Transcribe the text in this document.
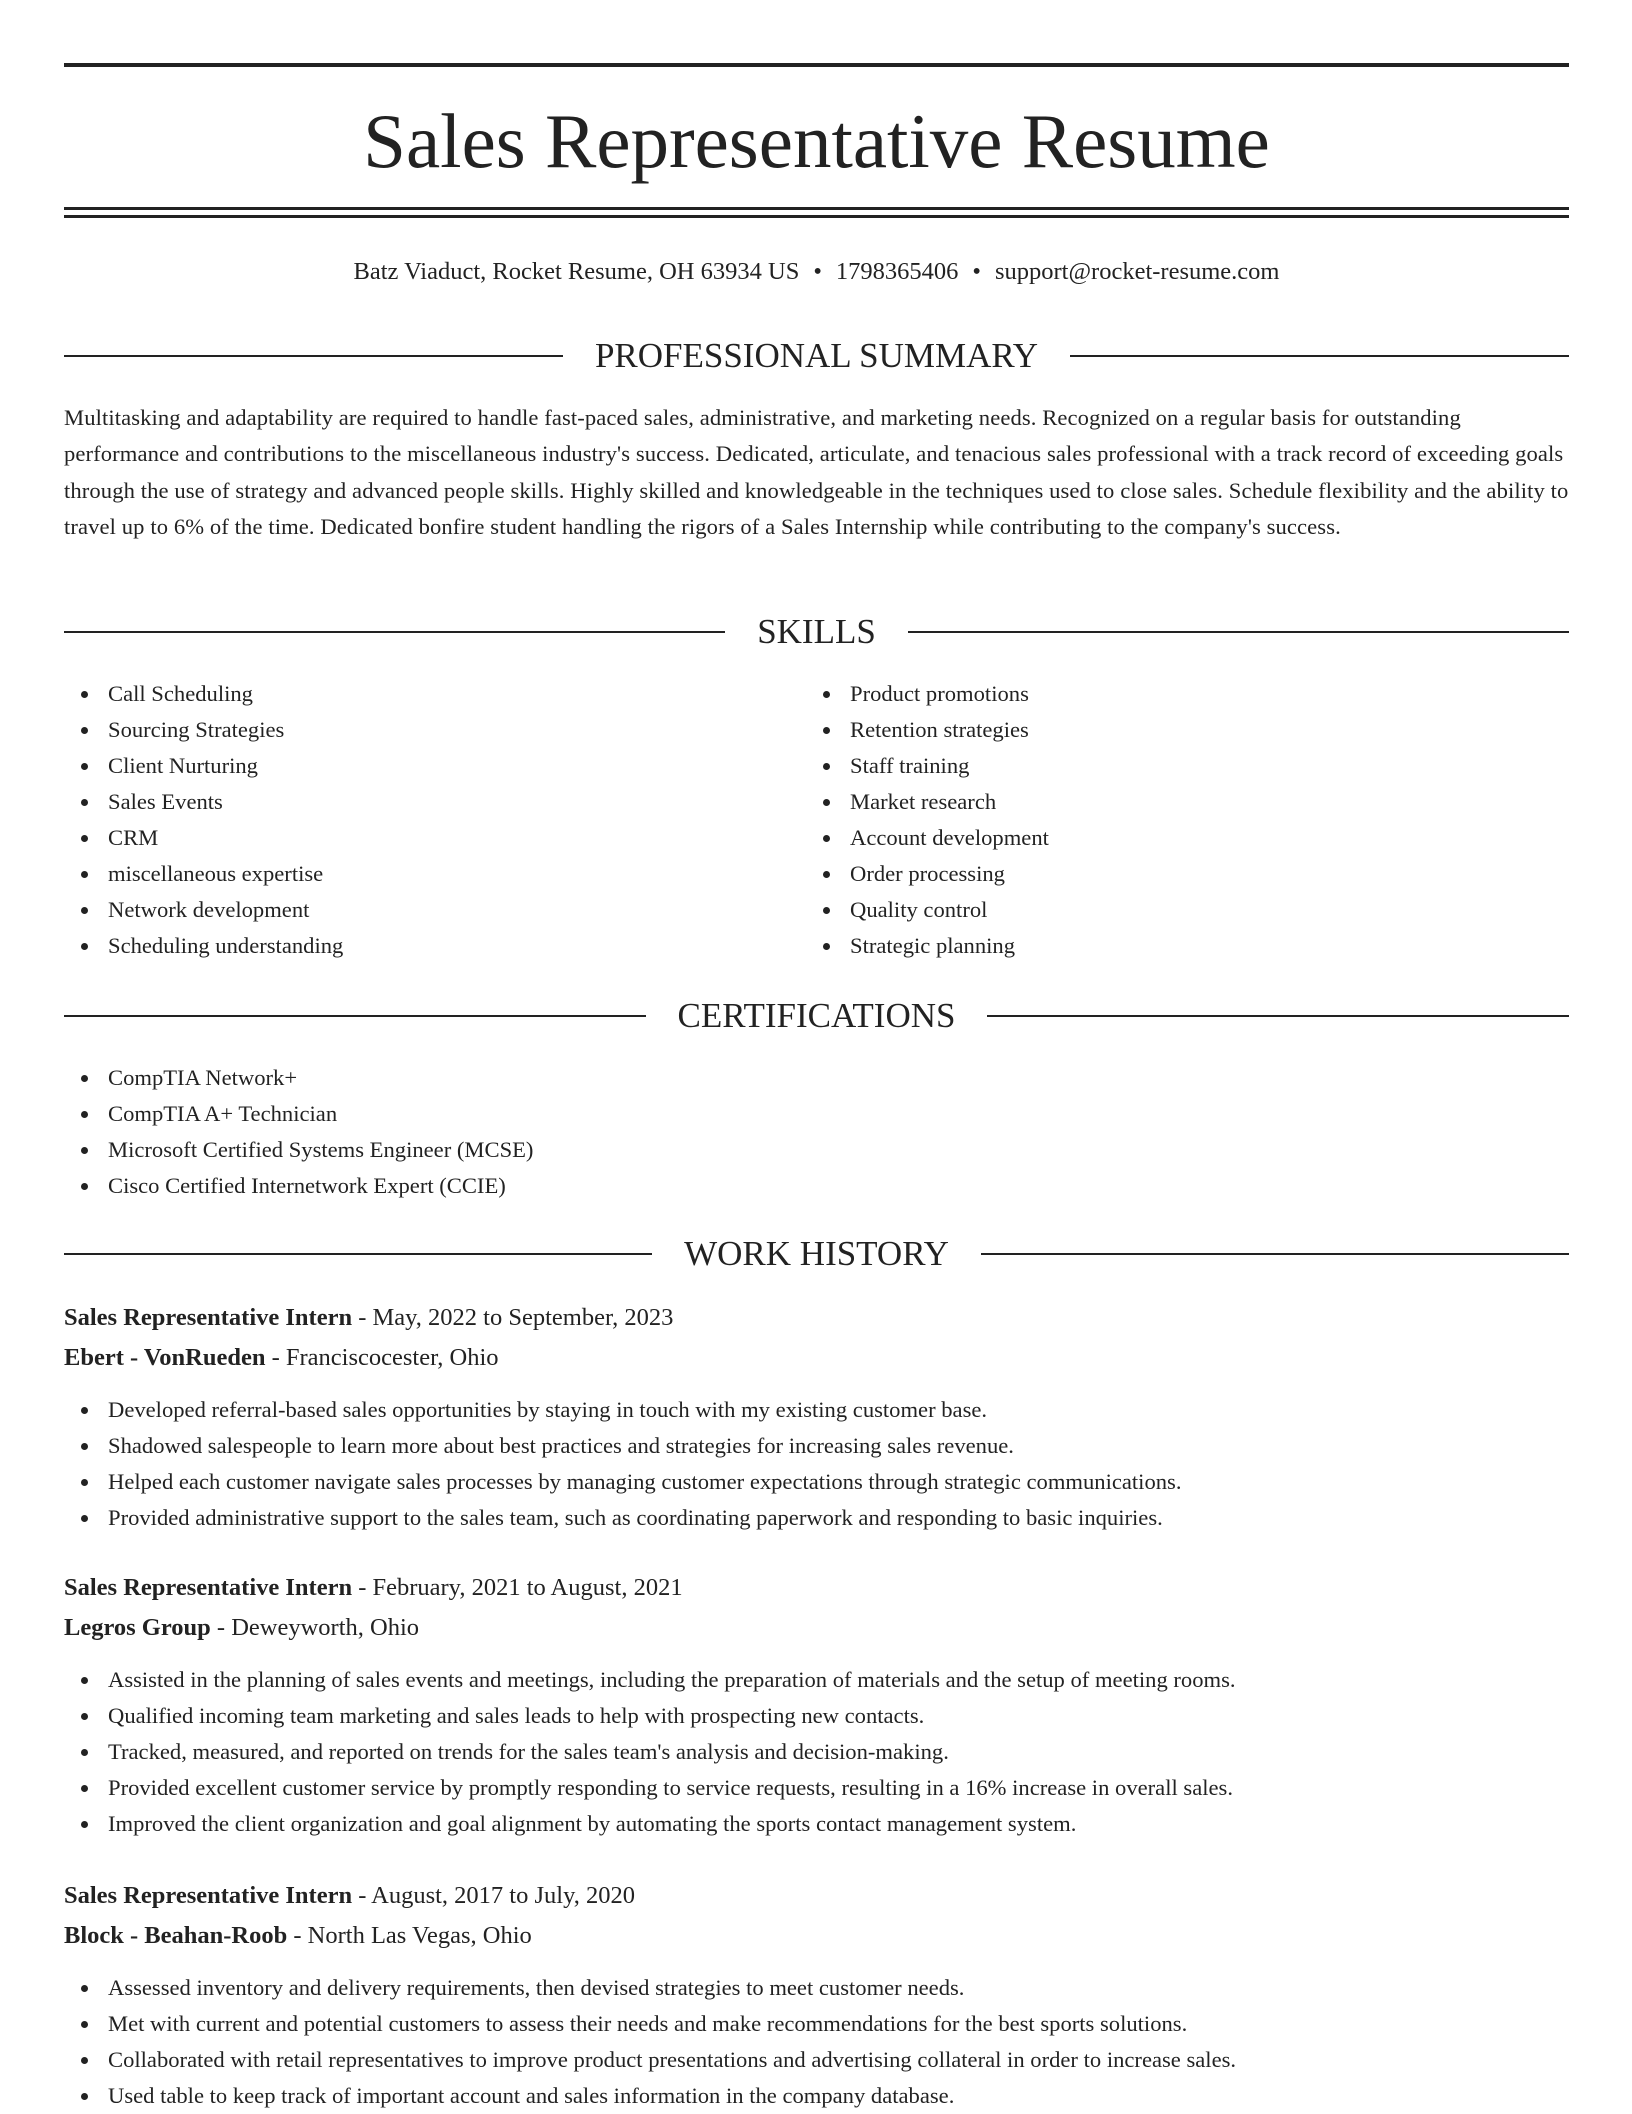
Sales Representative Resume
Batz Viaduct, Rocket Resume, OH 63934 US • 1798365406 • support@rocket-resume.com
PROFESSIONAL SUMMARY
Multitasking and adaptability are required to handle fast-paced sales, administrative, and marketing needs. Recognized on a regular basis for outstanding performance and contributions to the miscellaneous industry's success. Dedicated, articulate, and tenacious sales professional with a track record of exceeding goals through the use of strategy and advanced people skills. Highly skilled and knowledgeable in the techniques used to close sales. Schedule flexibility and the ability to travel up to 6% of the time. Dedicated bonfire student handling the rigors of a Sales Internship while contributing to the company's success.
SKILLS
Call Scheduling
Sourcing Strategies
Client Nurturing
Sales Events
CRM
miscellaneous expertise
Network development
Scheduling understanding
Product promotions
Retention strategies
Staff training
Market research
Account development
Order processing
Quality control
Strategic planning
CERTIFICATIONS
CompTIA Network+
CompTIA A+ Technician
Microsoft Certified Systems Engineer (MCSE)
Cisco Certified Internetwork Expert (CCIE)
WORK HISTORY
Sales Representative Intern - May, 2022 to September, 2023
Ebert - VonRueden - Franciscocester, Ohio
Developed referral-based sales opportunities by staying in touch with my existing customer base.
Shadowed salespeople to learn more about best practices and strategies for increasing sales revenue.
Helped each customer navigate sales processes by managing customer expectations through strategic communications.
Provided administrative support to the sales team, such as coordinating paperwork and responding to basic inquiries.
Sales Representative Intern - February, 2021 to August, 2021
Legros Group - Deweyworth, Ohio
Assisted in the planning of sales events and meetings, including the preparation of materials and the setup of meeting rooms.
Qualified incoming team marketing and sales leads to help with prospecting new contacts.
Tracked, measured, and reported on trends for the sales team's analysis and decision-making.
Provided excellent customer service by promptly responding to service requests, resulting in a 16% increase in overall sales.
Improved the client organization and goal alignment by automating the sports contact management system.
Sales Representative Intern - August, 2017 to July, 2020
Block - Beahan-Roob - North Las Vegas, Ohio
Assessed inventory and delivery requirements, then devised strategies to meet customer needs.
Met with current and potential customers to assess their needs and make recommendations for the best sports solutions.
Collaborated with retail representatives to improve product presentations and advertising collateral in order to increase sales.
Used table to keep track of important account and sales information in the company database.
